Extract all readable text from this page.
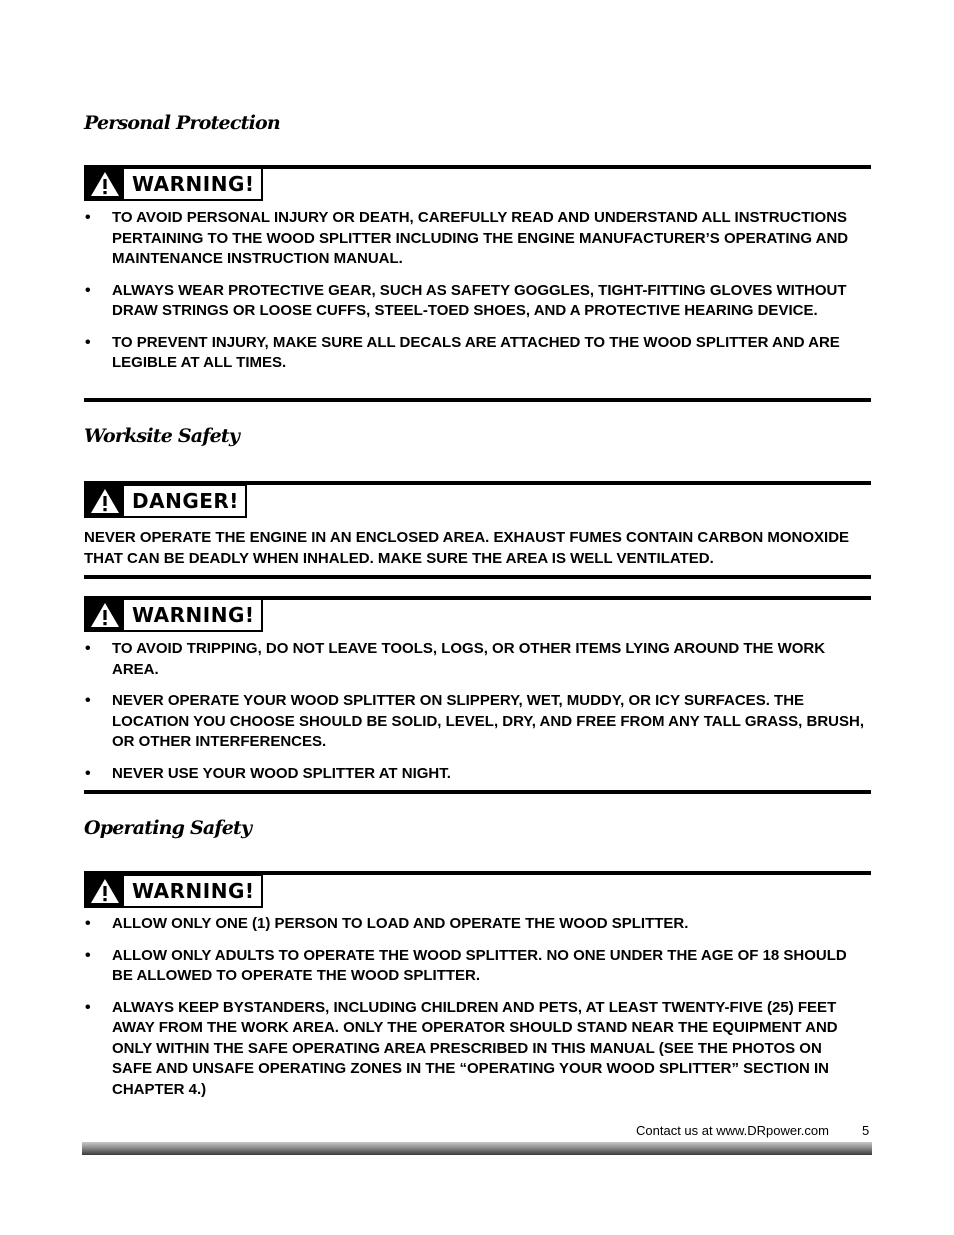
Personal Protection
WARNING!
• TO AVOID PERSONAL INJURY OR DEATH, CAREFULLY READ AND UNDERSTAND ALL INSTRUCTIONS PERTAINING TO THE WOOD SPLITTER INCLUDING THE ENGINE MANUFACTURER’S OPERATING AND MAINTENANCE INSTRUCTION MANUAL.
• ALWAYS WEAR PROTECTIVE GEAR, SUCH AS SAFETY GOGGLES, TIGHT-FITTING GLOVES WITHOUT DRAW STRINGS OR LOOSE CUFFS, STEEL-TOED SHOES, AND A PROTECTIVE HEARING DEVICE.
• TO PREVENT INJURY, MAKE SURE ALL DECALS ARE ATTACHED TO THE WOOD SPLITTER AND ARE LEGIBLE AT ALL TIMES.
Worksite Safety
DANGER!

NEVER OPERATE THE ENGINE IN AN ENCLOSED AREA. EXHAUST FUMES CONTAIN CARBON MONOXIDE THAT CAN BE DEADLY WHEN INHALED. MAKE SURE THE AREA IS WELL VENTILATED.

WARNING!
• TO AVOID TRIPPING, DO NOT LEAVE TOOLS, LOGS, OR OTHER ITEMS LYING AROUND THE WORK AREA.
• NEVER OPERATE YOUR WOOD SPLITTER ON SLIPPERY, WET, MUDDY, OR ICY SURFACES. THE LOCATION YOU CHOOSE SHOULD BE SOLID, LEVEL, DRY, AND FREE FROM ANY TALL GRASS, BRUSH, OR OTHER INTERFERENCES.
• NEVER USE YOUR WOOD SPLITTER AT NIGHT.
Operating Safety
WARNING!
• ALLOW ONLY ONE (1) PERSON TO LOAD AND OPERATE THE WOOD SPLITTER.
• ALLOW ONLY ADULTS TO OPERATE THE WOOD SPLITTER. NO ONE UNDER THE AGE OF 18 SHOULD BE ALLOWED TO OPERATE THE WOOD SPLITTER.
• ALWAYS KEEP BYSTANDERS, INCLUDING CHILDREN AND PETS, AT LEAST TWENTY-FIVE (25) FEET AWAY FROM THE WORK AREA. ONLY THE OPERATOR SHOULD STAND NEAR THE EQUIPMENT AND ONLY WITHIN THE SAFE OPERATING AREA PRESCRIBED IN THIS MANUAL (SEE THE PHOTOS ON SAFE AND UNSAFE OPERATING ZONES IN THE “OPERATING YOUR WOOD SPLITTER” SECTION IN CHAPTER 4.)
Contact us at www.DRpower.com	5
